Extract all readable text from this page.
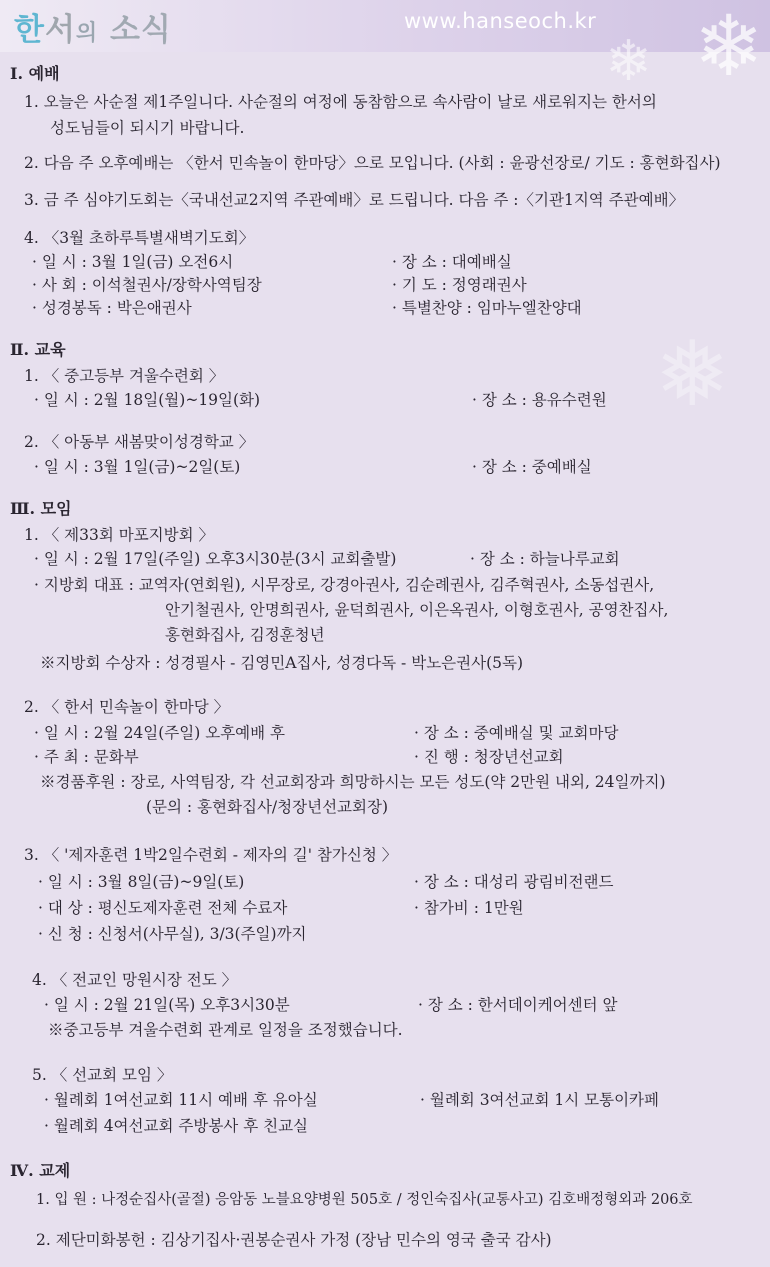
한서의 소식	www.hanseoch.kr ❄
❄
❅
Ⅰ. 예배
1. 오늘은 사순절 제1주일니다. 사순절의 여정에 동참함으로 속사람이 날로 새로워지는 한서의
성도님들이 되시기 바랍니다.
2. 다음 주 오후예배는 〈한서 민속놀이 한마당〉으로 모입니다. (사회 : 윤광선장로/ 기도 : 홍현화집사)
3. 금 주 심야기도회는〈국내선교2지역 주관예배〉로 드립니다. 다음 주 :〈기관1지역 주관예배〉
4. 〈3월 초하루특별새벽기도회〉
· 일 시 : 3월 1일(금) 오전6시	· 장 소 : 대예배실
· 사 회 : 이석철권사/장학사역팀장	· 기 도 : 정영래권사
· 성경봉독 : 박은애권사	· 특별찬양 : 임마누엘찬양대
Ⅱ. 교육
1. 〈 중고등부 겨울수련회 〉
· 일 시 : 2월 18일(월)~19일(화)	· 장 소 : 용유수련원
2. 〈 아동부 새봄맞이성경학교 〉
· 일 시 : 3월 1일(금)~2일(토)	· 장 소 : 중예배실
Ⅲ. 모임
1. 〈 제33회 마포지방회 〉
· 일 시 : 2월 17일(주일) 오후3시30분(3시 교회출발)	· 장 소 : 하늘나루교회
· 지방회 대표 : 교역자(연회원), 시무장로, 강경아권사, 김순례권사, 김주혁권사, 소동섭권사,
안기철권사, 안명희권사, 윤덕희권사, 이은옥권사, 이형호권사, 공영찬집사,
홍현화집사, 김정훈청년
※지방회 수상자 : 성경필사 - 김영민A집사, 성경다독 - 박노은권사(5독)
2. 〈 한서 민속놀이 한마당 〉
· 일 시 : 2월 24일(주일) 오후예배 후	· 장 소 : 중예배실 및 교회마당
· 주 최 : 문화부	· 진 행 : 청장년선교회
※경품후원 : 장로, 사역팀장, 각 선교회장과 희망하시는 모든 성도(약 2만원 내외, 24일까지)
(문의 : 홍현화집사/청장년선교회장)
3. 〈 '제자훈련 1박2일수련회 - 제자의 길' 참가신청 〉
· 일 시 : 3월 8일(금)~9일(토)	· 장 소 : 대성리 광림비전랜드
· 대 상 : 평신도제자훈련 전체 수료자	· 참가비 : 1만원
· 신 청 : 신청서(사무실), 3/3(주일)까지
4. 〈 전교인 망원시장 전도 〉
· 일 시 : 2월 21일(목) 오후3시30분	· 장 소 : 한서데이케어센터 앞
※중고등부 겨울수련회 관계로 일정을 조정했습니다.
5. 〈 선교회 모임 〉
· 월례회 1여선교회 11시 예배 후 유아실	· 월례회 3여선교회 1시 모통이카페
· 월례회 4여선교회 주방봉사 후 친교실
Ⅳ. 교제
1. 입 원 : 나정순집사(골절) 응암동 노블요양병원 505호 / 정인숙집사(교통사고) 김호배정형외과 206호
2. 제단미화봉헌 : 김상기집사·권봉순권사 가정 (장남 민수의 영국 출국 감사)
